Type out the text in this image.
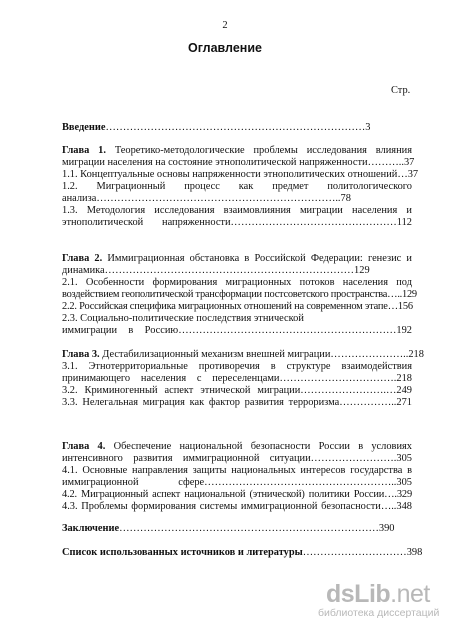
2
Оглавление
Стр.
Введение…………………………………………………………………3
Глава 1. Теоретико-методологические проблемы исследования влияния
миграции населения на состояние этнополитической напряженности………..37
1.1. Концептуальные основы напряженности этнополитических отношений…37
1.2. Миграционный процесс как предмет политологического
анализа……………………………………………………………..78
1.3. Методология исследования взаимовлияния миграции населения и
этнополитической напряженности…………………………………………112
Глава 2. Иммиграционная обстановка в Российской Федерации: генезис и
динамика………………………………………………………………129
2.1. Особенности формирования миграционных потоков населения под
воздействием геополитической трансформации постсоветского пространства…..129
2.2. Российская специфика миграционных отношений на современном этапе…156
2.3. Социально-политические последствия этнической
иммиграции в Россию………………………………………………………192
Глава 3. Дестабилизационный механизм внешней миграции…………………..218
3.1. Этнотерриториальные противоречия в структуре взаимодействия
принимающего населения с переселенцами…………………………….218
3.2. Криминогенный аспект этнической миграции…………………….…249
3.3. Нелегальная миграция как фактор развития терроризма……………..271
Глава 4. Обеспечение национальной безопасности России в условиях
интенсивного развития иммиграционной ситуации…………………….305
4.1. Основные направления защиты национальных интересов государства в
иммиграционной сфере………………………………………………..305
4.2. Миграционный аспект национальной (этнической) политики России….329
4.3. Проблемы формирования системы иммиграционной безопасности…..348
Заключение…………………………………………………………………390
Список использованных источников и литературы…………………………398
dsLib.net
библиотека диссертаций
